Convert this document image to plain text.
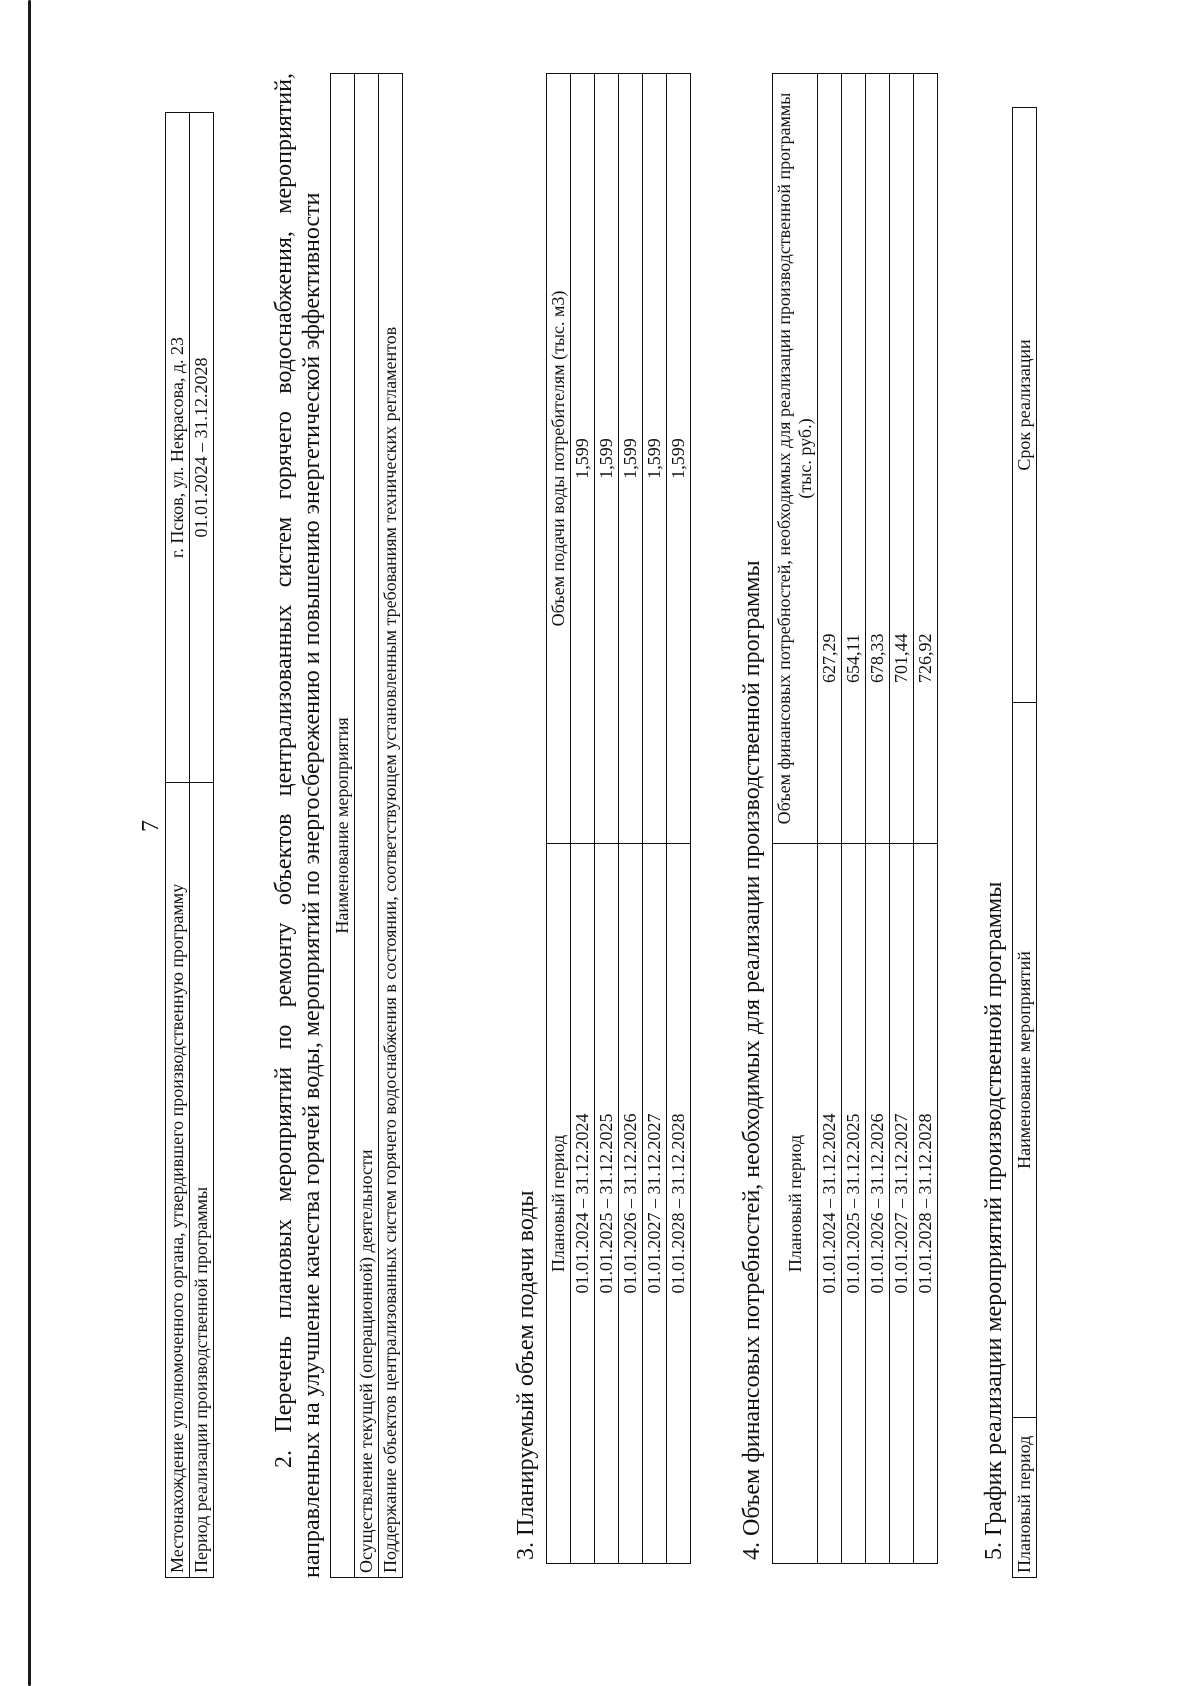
7
Местонахождение уполномоченного органа, утвердившего производственную программу	г. Псков, ул. Некрасова, д. 23
Период реализации производственной программы	01.01.2024 – 31.12.2028	2. Перечень плановых мероприятий по ремонту объектов централизованных систем горячего водоснабжения, мероприятий, направленных на улучшение качества горячей воды, мероприятий по энергосбережению и повышению энергетической эффективности Наименование мероприятия
Осуществление текущей (операционной) деятельности
Поддержание объектов централизованных систем горячего водоснабжения в состоянии, соответствующем установленным требованиям технических регламентов	3. Планируемый объем подачи воды Плановый период	Объем подачи воды потребителям (тыс. м3)
01.01.2024 – 31.12.2024	1,599
01.01.2025 – 31.12.2025	1,599
01.01.2026 – 31.12.2026	1,599
01.01.2027 – 31.12.2027	1,599
01.01.2028 – 31.12.2028	1,599
4. Объем финансовых потребностей, необходимых для реализации производственной программы Плановый период	Объем финансовых потребностей, необходимых для реализации производственной программы (тыс. руб.)
01.01.2024 – 31.12.2024	627,29
01.01.2025 – 31.12.2025	654,11
01.01.2026 – 31.12.2026	678,33
01.01.2027 – 31.12.2027	701,44
01.01.2028 – 31.12.2028	726,92
5. График реализации мероприятий производственной программы Плановый период	Наименование мероприятий	Срок реализации
